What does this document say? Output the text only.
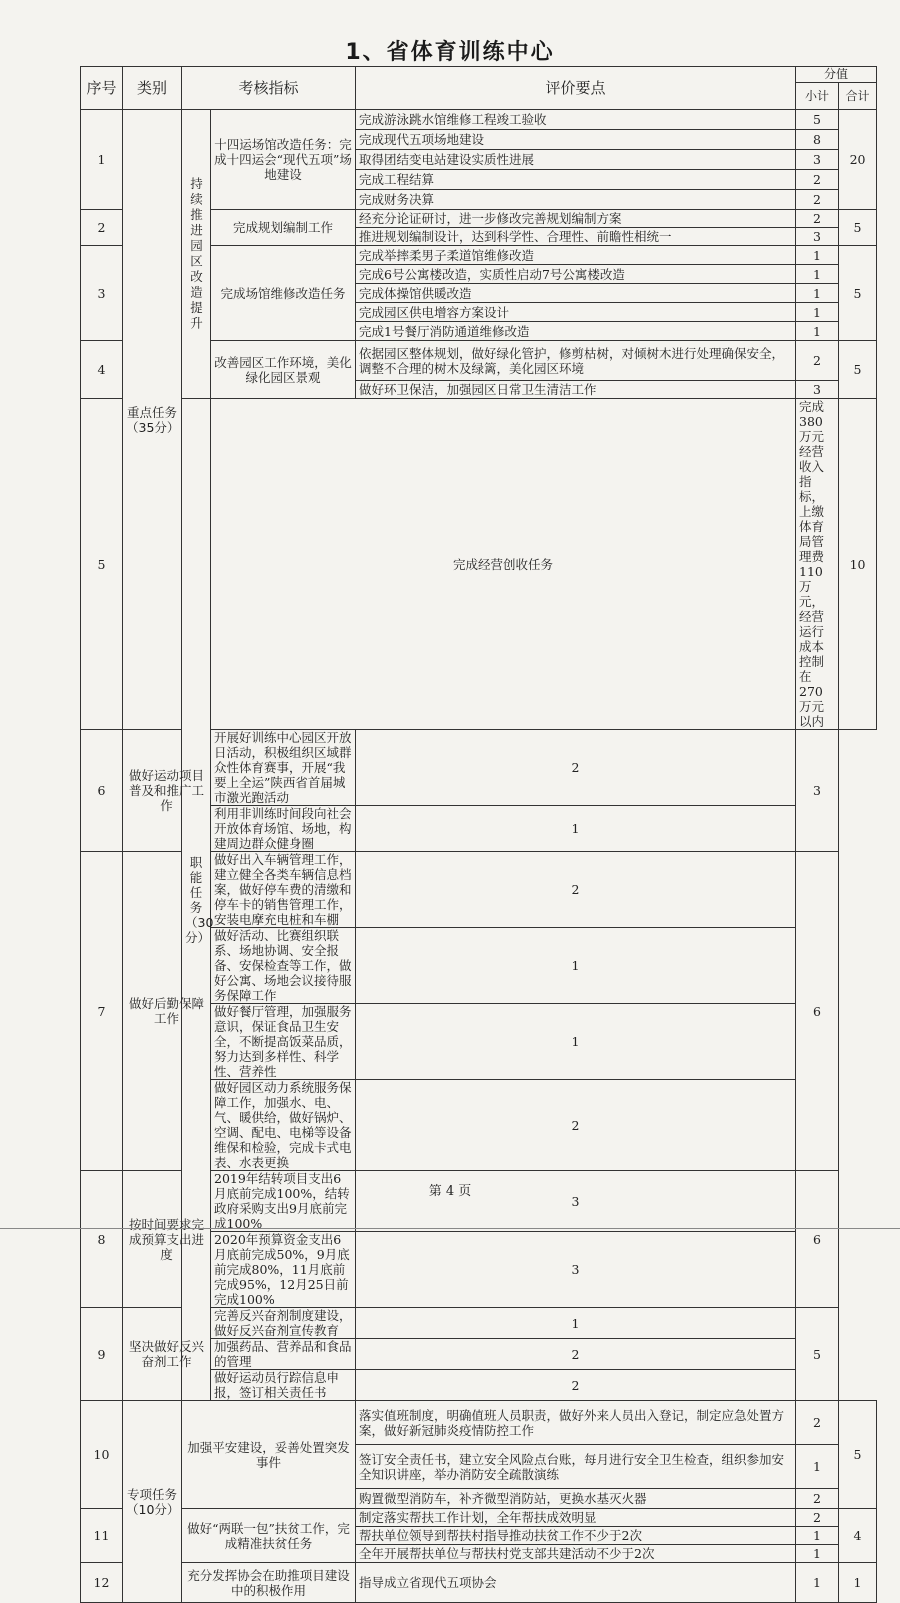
1、省体育训练中心
序号	类别	考核指标		评价要点	分值		
					小计	合计	
1	重点任务（35分）	持续推进园区改造提升	十四运场馆改造任务：完成十四运会“现代五项”场地建设	完成游泳跳水馆维修工程竣工验收	5	20	
				完成现代五项场地建设	8		
				取得团结变电站建设实质性进展	3		
				完成工程结算	2		
				完成财务决算	2		
2			完成规划编制工作	经充分论证研讨，进一步修改完善规划编制方案	2	5	
				推进规划编制设计，达到科学性、合理性、前瞻性相统一	3		
3			完成场馆维修改造任务	完成举摔柔男子柔道馆维修改造	1	5	
				完成6号公寓楼改造，实质性启动7号公寓楼改造	1		
				完成体操馆供暖改造	1		
				完成园区供电增容方案设计	1		
				完成1号餐厅消防通道维修改造	1		
4			改善园区工作环境，美化绿化园区景观	依据园区整体规划，做好绿化管护，修剪枯树，对倾树木进行处理确保安全，调整不合理的树木及绿篱，美化园区环境	2	5	
				做好环卫保洁，加强园区日常卫生清洁工作	3		
5		职能任务（30分）	完成经营创收任务		完成380万元经营收入指标，上缴体育局管理费110万元，经营运行成本控制在270万元以内	10	
6	做好运动项目普及和推广工作		开展好训练中心园区开放日活动，积极组织区域群众性体育赛事，开展“我要上全运”陕西省首届城市激光跑活动	2	3		
			利用非训练时间段向社会开放体育场馆、场地，构建周边群众健身圈	1			
7	做好后勤保障工作		做好出入车辆管理工作，建立健全各类车辆信息档案，做好停车费的清缴和停车卡的销售管理工作，安装电摩充电桩和车棚	2	6		
			做好活动、比赛组织联系、场地协调、安全报备、安保检查等工作，做好公寓、场地会议接待服务保障工作	1			
			做好餐厅管理，加强服务意识，保证食品卫生安全，不断提高饭菜品质，努力达到多样性、科学性、营养性	1			
			做好园区动力系统服务保障工作，加强水、电、气、暖供给，做好锅炉、空调、配电、电梯等设备维保和检验，完成卡式电表、水表更换	2			
8	按时间要求完成预算支出进度		2019年结转项目支出6月底前完成100%，结转政府采购支出9月底前完成100%	3	6		
			2020年预算资金支出6月底前完成50%，9月底前完成80%，11月底前完成95%，12月25日前完成100%	3			
9	坚决做好反兴奋剂工作		完善反兴奋剂制度建设，做好反兴奋剂宣传教育	1	5		
			加强药品、营养品和食品的管理	2			
			做好运动员行踪信息申报，签订相关责任书	2			
10	专项任务（10分）	加强平安建设，妥善处置突发事件		落实值班制度，明确值班人员职责，做好外来人员出入登记，制定应急处置方案，做好新冠肺炎疫情防控工作	2	5	
				签订安全责任书，建立安全风险点台账，每月进行安全卫生检查，组织参加安全知识讲座，举办消防安全疏散演练	1		
				购置微型消防车，补齐微型消防站，更换水基灭火器	2		
11		做好“两联一包”扶贫工作，完成精准扶贫任务		制定落实帮扶工作计划，全年帮扶成效明显	2	4	
				帮扶单位领导到帮扶村指导推动扶贫工作不少于2次	1		
				全年开展帮扶单位与帮扶村党支部共建活动不少于2次	1		
12		充分发挥协会在助推项目建设中的积极作用		指导成立省现代五项协会	1	1	
第 4 页
